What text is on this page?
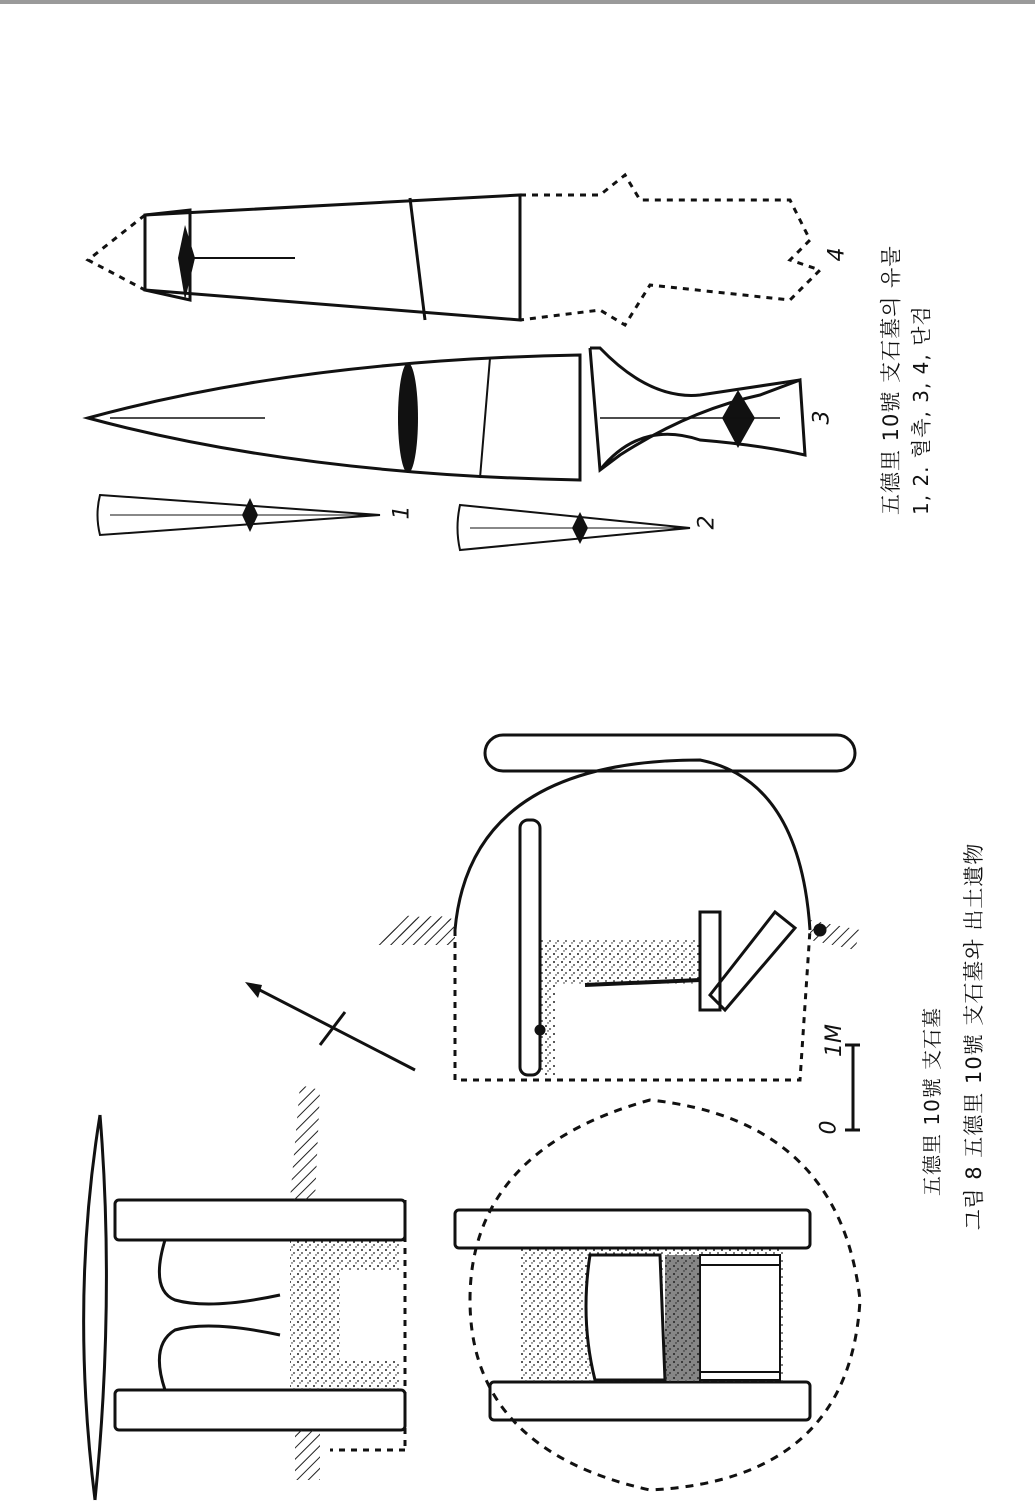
그림 8 五德里 10號 支石墓와 出土遺物
五德里 10號 支石墓
五德里 10號 支石墓의 유물 1, 2. 혈촉, 3, 4, 단검
1
2
3
4
0
1M
